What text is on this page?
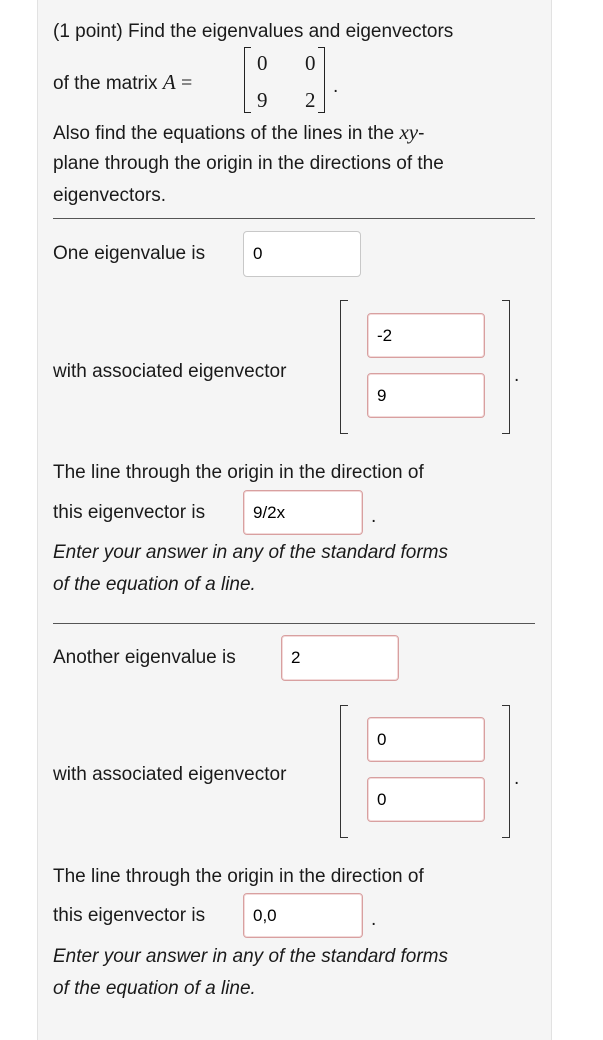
(1 point) Find the eigenvalues and eigenvectors
of the matrix A =
0 0
9 2
.
Also find the equations of the lines in the xy-
plane through the origin in the directions of the
eigenvectors.
One eigenvalue is	0
with associated eigenvector
-2
9
.
The line through the origin in the direction of
this eigenvector is	9/2x	.
Enter your answer in any of the standard forms
of the equation of a line.
Another eigenvalue is	2
with associated eigenvector
0
0
.
The line through the origin in the direction of
this eigenvector is	0,0	.
Enter your answer in any of the standard forms
of the equation of a line.
